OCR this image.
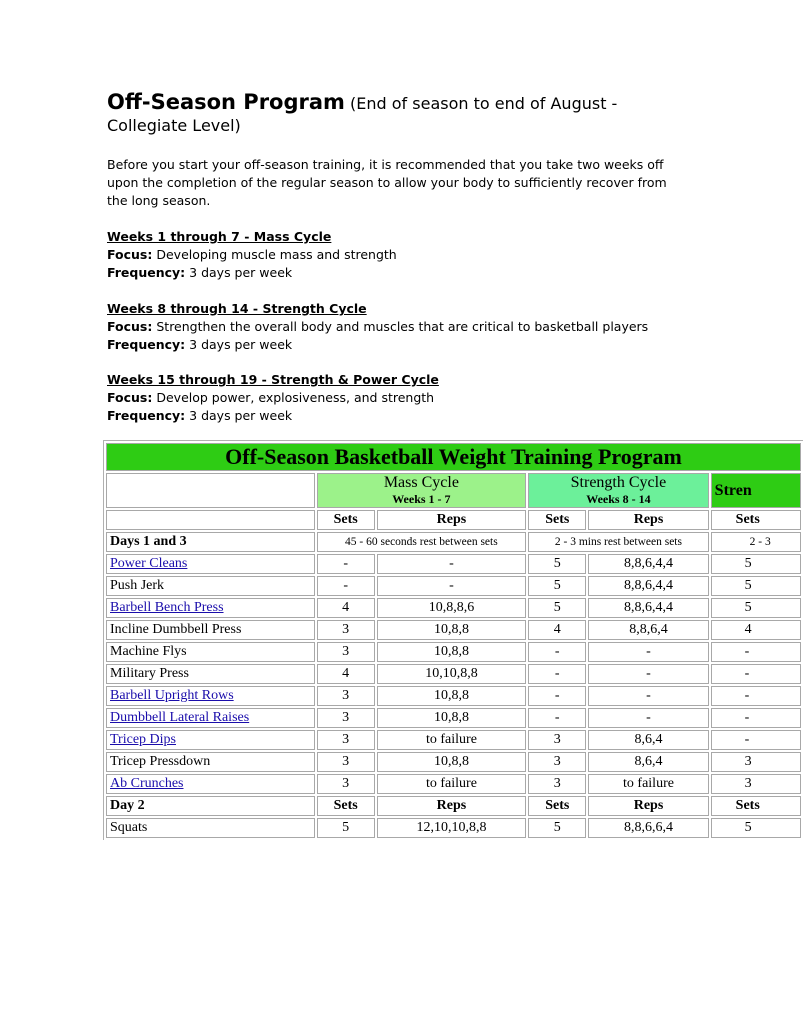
Off-Season Program (End of season to end of August -
Collegiate Level)
Before you start your off-season training, it is recommended that you take two weeks off upon the completion of the regular season to allow your body to sufficiently recover from the long season.
Weeks 1 through 7 - Mass Cycle
Focus: Developing muscle mass and strength
Frequency: 3 days per week
Weeks 8 through 14 - Strength Cycle
Focus: Strengthen the overall body and muscles that are critical to basketball players
Frequency: 3 days per week
Weeks 15 through 19 - Strength & Power Cycle
Focus: Develop power, explosiveness, and strength
Frequency: 3 days per week
Off-Season Basketball Weight Training Program					

	Mass Cycle
Weeks 1 - 7		Strength Cycle
Weeks 8 - 14		Stren
	Sets	Reps	Sets	Reps	Sets
Days 1 and 3	45 - 60 seconds rest between sets		2 - 3 mins rest between sets		2 - 3
Power Cleans	-	-	5	8,8,6,4,4	5
Push Jerk	-	-	5	8,8,6,4,4	5
Barbell Bench Press	4	10,8,8,6	5	8,8,6,4,4	5
Incline Dumbbell Press	3	10,8,8	4	8,8,6,4	4
Machine Flys	3	10,8,8	-	-	-
Military Press	4	10,10,8,8	-	-	-
Barbell Upright Rows	3	10,8,8	-	-	-
Dumbbell Lateral Raises	3	10,8,8	-	-	-
Tricep Dips	3	to failure	3	8,6,4	-
Tricep Pressdown	3	10,8,8	3	8,6,4	3
Ab Crunches	3	to failure	3	to failure	3
Day 2	Sets	Reps	Sets	Reps	Sets
Squats	5	12,10,10,8,8	5	8,8,6,6,4	5
